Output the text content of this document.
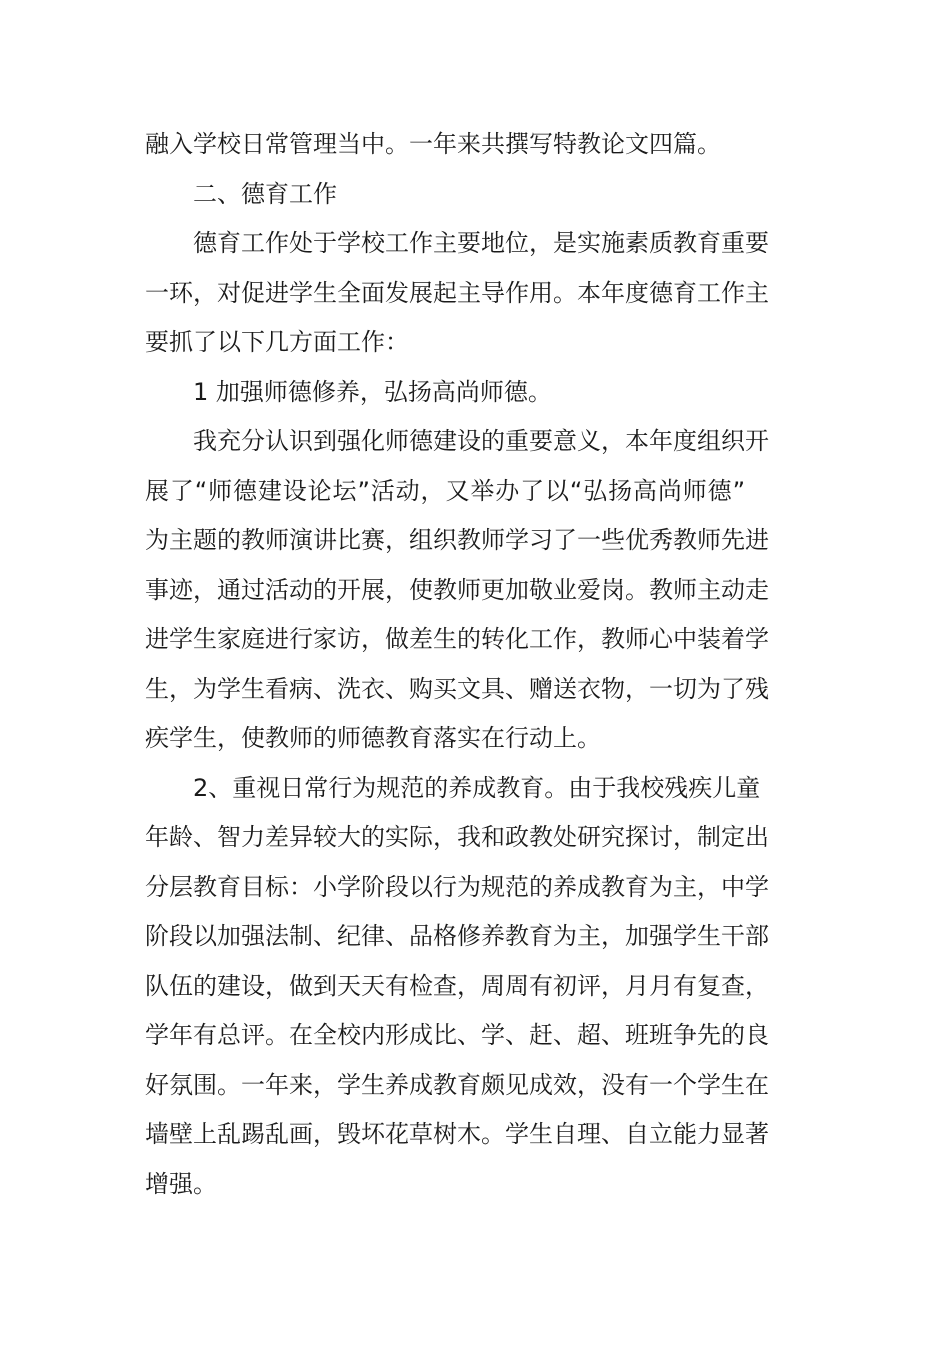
融入学校日常管理当中。一年来共撰写特教论文四篇。
二、德育工作
德育工作处于学校工作主要地位，是实施素质教育重要
一环，对促进学生全面发展起主导作用。本年度德育工作主
要抓了以下几方面工作：
1 加强师德修养，弘扬高尚师德。
我充分认识到强化师德建设的重要意义，本年度组织开
展了“师德建设论坛”活动，又举办了以“弘扬高尚师德”
为主题的教师演讲比赛，组织教师学习了一些优秀教师先进
事迹，通过活动的开展，使教师更加敬业爱岗。教师主动走
进学生家庭进行家访，做差生的转化工作，教师心中装着学
生，为学生看病、洗衣、购买文具、赠送衣物，一切为了残
疾学生，使教师的师德教育落实在行动上。
2、重视日常行为规范的养成教育。由于我校残疾儿童
年龄、智力差异较大的实际，我和政教处研究探讨，制定出
分层教育目标：小学阶段以行为规范的养成教育为主，中学
阶段以加强法制、纪律、品格修养教育为主，加强学生干部
队伍的建设，做到天天有检查，周周有初评，月月有复查，
学年有总评。在全校内形成比、学、赶、超、班班争先的良
好氛围。一年来，学生养成教育颇见成效，没有一个学生在
墙壁上乱踢乱画，毁坏花草树木。学生自理、自立能力显著
增强。
